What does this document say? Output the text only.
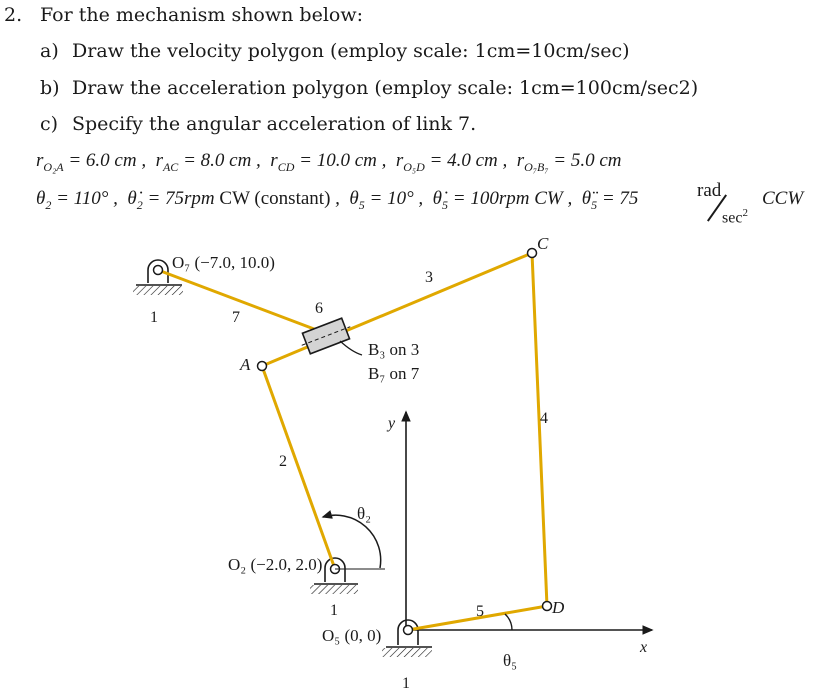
2. For the mechanism shown below:
a) Draw the velocity polygon (employ scale: 1cm=10cm/sec)
b) Draw the acceleration polygon (employ scale: 1cm=100cm/sec2)
c) Specify the angular acceleration of link 7.
$r_{O_2A} = 6.0$ cm ,  $r_{AC} = 8.0$ cm ,  $r_{CD} = 10.0$ cm ,  $r_{O_5D} = 4.0$ cm ,  $r_{O_7B_7} = 5.0$ cm
$\theta_2 = 110^\circ$ ,  $\thetȧ_2 = 75rpm$ CW (constant) ,  $\theta_5 = 10^\circ$ ,  $\thetȧ_5 = 100rpm$ CW ,  $\thetä_5 = 75$	rad
$\sec^2$
CCW
O₇ (−7.0, 10.0)
1	7
3
6
B₃ on 3
B₇ on 7
A
C
D
y
x
4
2
θ₂
O₂ (−2.0, 2.0)
1	5
O₅ (0, 0)
θ₅
1
